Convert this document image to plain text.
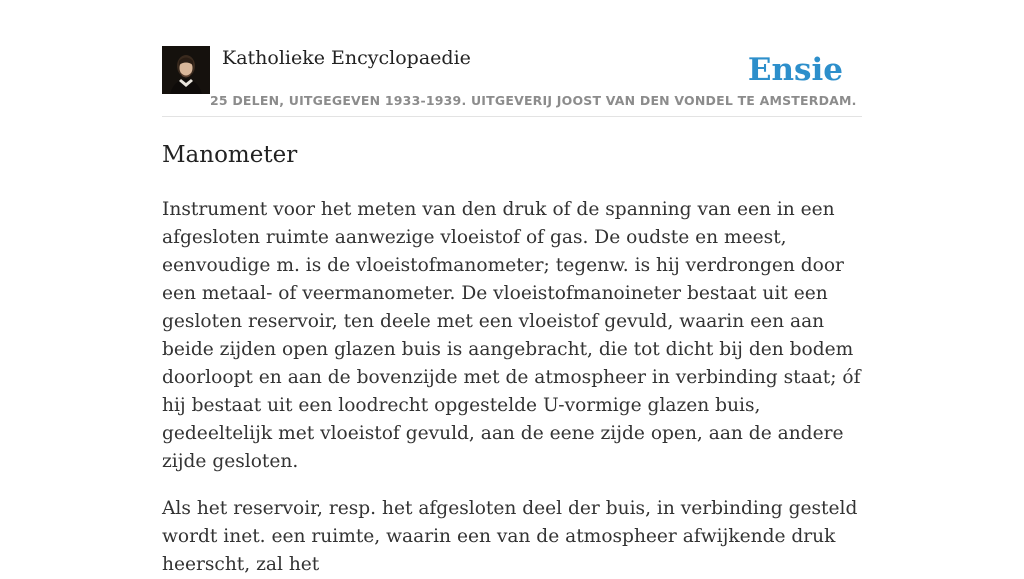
Katholieke Encyclopaedie
25 DELEN, UITGEGEVEN 1933-1939. UITGEVERIJ JOOST VAN DEN VONDEL TE AMSTERDAM.
Ensie
Manometer

Instrument voor het meten van den druk of de spanning van een in een afgesloten ruimte aanwezige vloeistof of gas. De oudste en meest, eenvoudige m. is de vloeistofmanometer; tegenw. is hij verdrongen door een metaal- of veermanometer. De vloeistofmanoineter bestaat uit een gesloten reservoir, ten deele met een vloeistof gevuld, waarin een aan beide zijden open glazen buis is aangebracht, die tot dicht bij den bodem doorloopt en aan de bovenzijde met de atmospheer in verbinding staat; óf hij bestaat uit een loodrecht opgestelde U-vormige glazen buis, gedeeltelijk met vloeistof gevuld, aan de eene zijde open, aan de andere zijde gesloten.

Als het reservoir, resp. het afgesloten deel der buis, in verbinding gesteld wordt inet. een ruimte, waarin een van de atmospheer afwijkende druk heerscht, zal het
